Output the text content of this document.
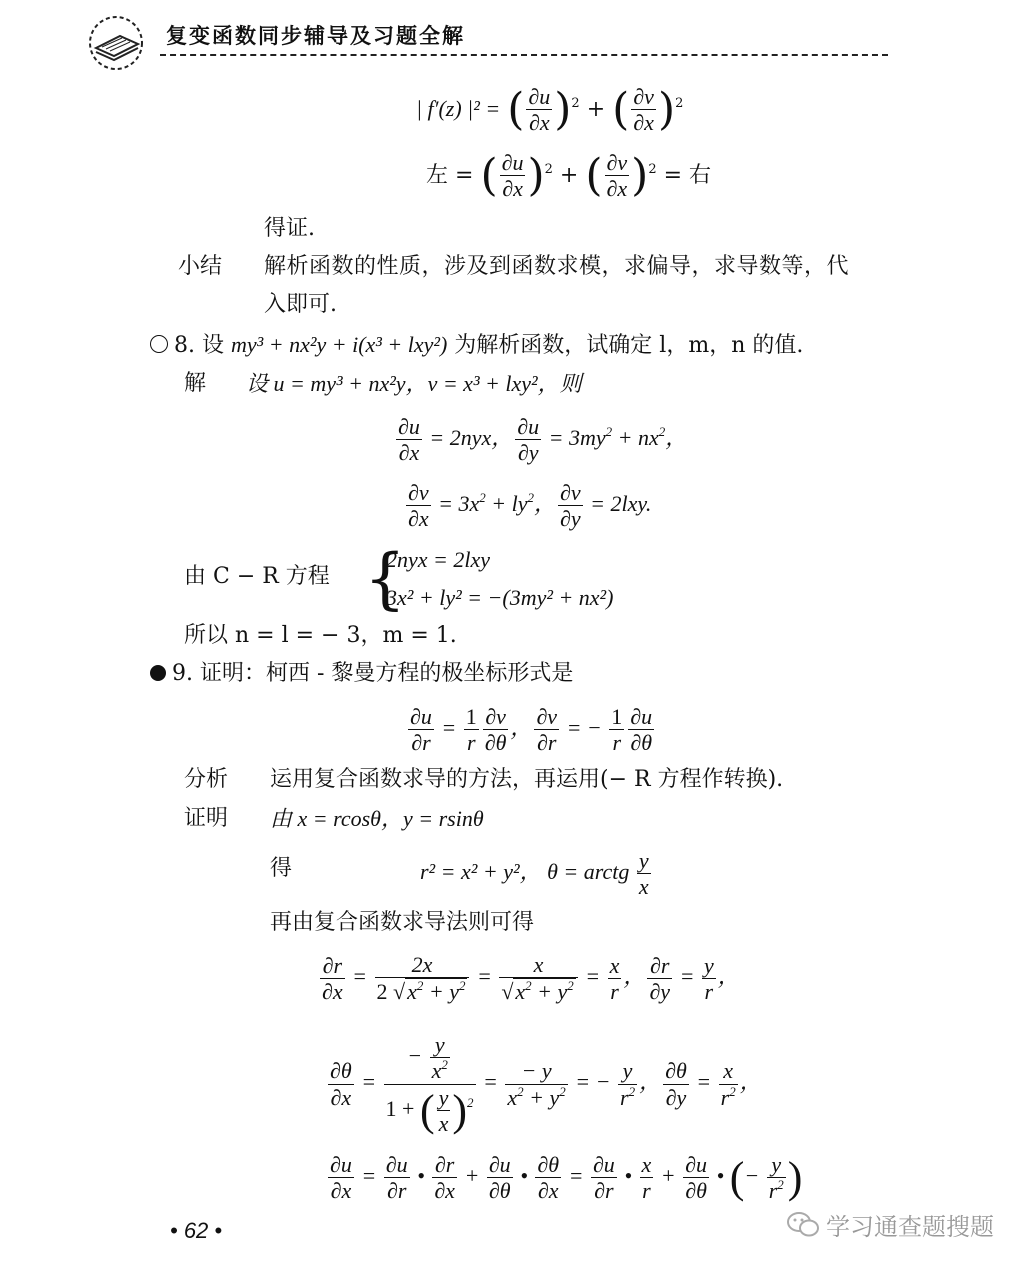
复变函数同步辅导及习题全解
| f′(z) |² = ( $\frac{\partial u}{\partial x} )^2$ + ( $\frac{\partial v}{\partial x} )^2$
左 = ( $\frac{\partial u}{\partial x} )^2$ + ( $\frac{\partial v}{\partial x} )^2$ = 右
得证.
小结 解析函数的性质，涉及到函数求模，求偏导，求导数等，代
入即可.
8. 设 my³ + nx²y + i(x³ + lxy²) 为解析函数，试确定 l，m，n 的值.
解 设 u = my³ + nx²y，v = x³ + lxy²，则
$\frac{\partial u}{\partial x} = 2nyx$， $\frac{\partial u}{\partial y} = 3my^2 + nx^2$，
$\frac{\partial v}{\partial x} = 3x^2 + ly^2$， $\frac{\partial v}{\partial y} = 2lxy$.
由 C − R 方程 {
2nyx = 2lxy
3x² + ly² = −(3my² + nx²)
所以 n = l = − 3，m = 1.
9. 证明：柯西 - 黎曼方程的极坐标形式是
$\frac{\partial u}{\partial r} = \frac{1}{r} \frac{\partial v}{\partial\theta}$ ， $\frac{\partial v}{\partial r}$ = − $\frac{1}{r} \frac{\partial u}{\partial\theta}$
分析 运用复合函数求导的方法，再运用(− R 方程作转换).
证明 由 x = rcosθ，y = rsinθ
得	r² = x² + y²， θ = arctg $\frac{y}{x}$
再由复合函数求导法则可得
$\frac{\partial r}{\partial x} = \frac{2x}{2 √x^2 + y^2} = \frac{x}{√x^2 + y^2} = \frac{x}{r}$ ， $\frac{\partial r}{\partial y} = \frac{y}{r}$ ，
$\frac{\partial\theta}{\partial x} = \frac{- \frac{y}{x^2}}{1 + ( \frac{y}{x} )^2} = \frac{- y}{x^2 + y^2}$ = − $\frac{y}{r^2}$ ， $\frac{\partial\theta}{\partial y} = \frac{x}{r^2}$ ，
$\frac{\partial u}{\partial x} = \frac{\partial u}{\partial r}$ • $\frac{\partial r}{\partial x} + \frac{\partial u}{\partial\theta}$ • $\frac{\partial\theta}{\partial x} = \frac{\partial u}{\partial r}$ • $\frac{x}{r} + \frac{\partial u}{\partial\theta}$ • (− $\frac{y}{r^2}$ )
• 62 •	学习通查题搜题
